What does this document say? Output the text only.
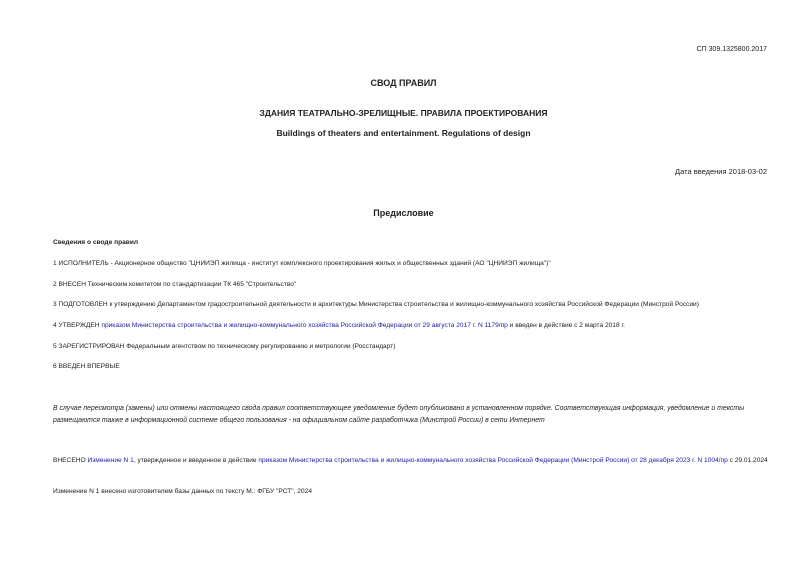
СП 309.1325800.2017
СВОД ПРАВИЛ
ЗДАНИЯ ТЕАТРАЛЬНО-ЗРЕЛИЩНЫЕ. ПРАВИЛА ПРОЕКТИРОВАНИЯ
Buildings of theaters and entertainment. Regulations of design
Дата введения 2018-03-02
Предисловие
Сведения о своде правил
1 ИСПОЛНИТЕЛЬ - Акционерное общество "ЦНИИЭП жилища - институт комплексного проектирования жилых и общественных зданий (АО "ЦНИИЭП жилища")"
2 ВНЕСЕН Техническим комитетом по стандартизации ТК 465 "Строительство"
3 ПОДГОТОВЛЕН к утверждению Департаментом градостроительной деятельности и архитектуры Министерства строительства и жилищно-коммунального хозяйства Российской Федерации (Минстрой России)
4 УТВЕРЖДЕН приказом Министерства строительства и жилищно-коммунального хозяйства Российской Федерации от 29 августа 2017 г. N 1179/пр и введен в действие с 2 марта 2018 г.
5 ЗАРЕГИСТРИРОВАН Федеральным агентством по техническому регулированию и метрологии (Росстандарт)
6 ВВЕДЕН ВПЕРВЫЕ
В случае пересмотра (замены) или отмены настоящего свода правил соответствующее уведомление будет опубликовано в установленном порядке. Соответствующая информация, уведомление и тексты размещаются также в информационной системе общего пользования - на официальном сайте разработчика (Минстрой России) в сети Интернет
ВНЕСЕНО Изменение N 1, утвержденное и введенное в действие приказом Министерства строительства и жилищно-коммунального хозяйства Российской Федерации (Минстрой России) от 28 декабря 2023 г. N 1004/пр с 29.01.2024
Изменение N 1 внесено изготовителем базы данных по тексту М.: ФГБУ "РСТ", 2024
